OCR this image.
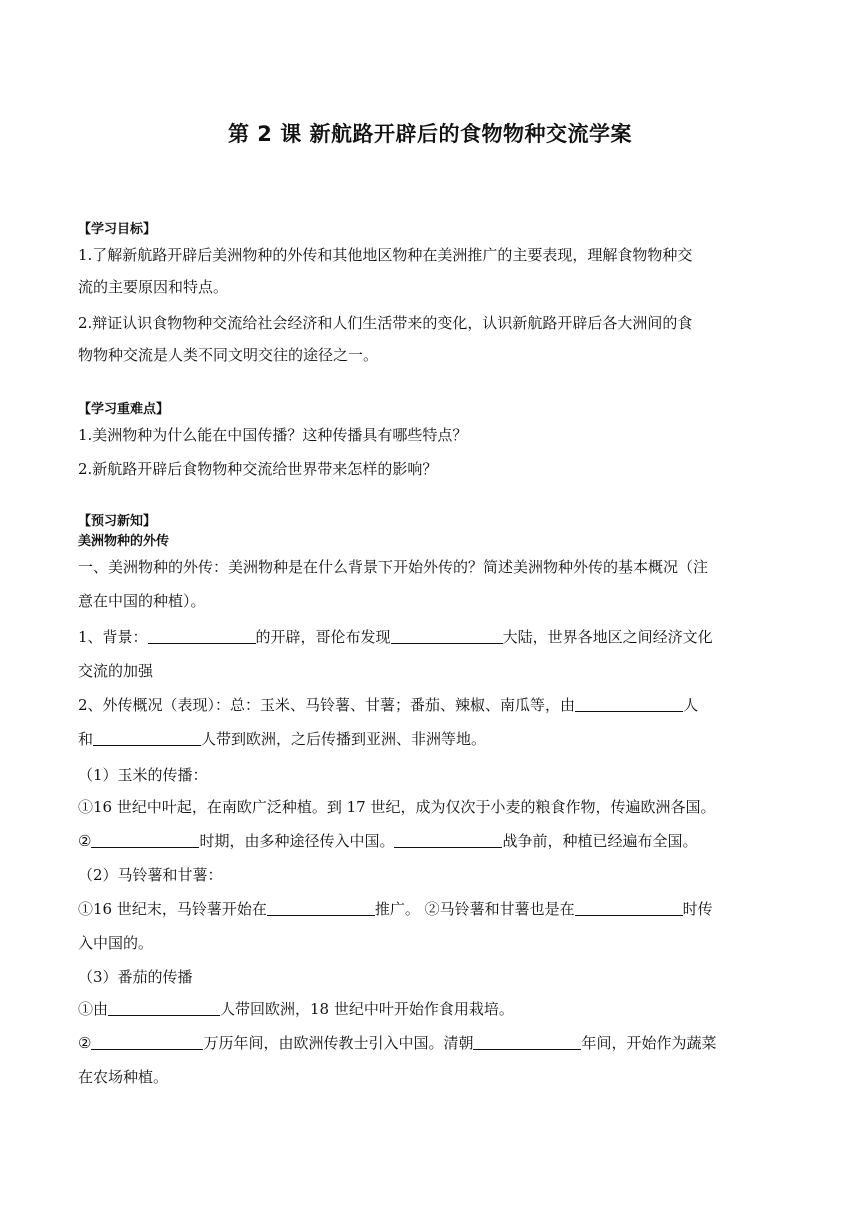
第 2 课 新航路开辟后的食物物种交流学案
【学习目标】
1.了解新航路开辟后美洲物种的外传和其他地区物种在美洲推广的主要表现，理解食物物种交
流的主要原因和特点。
2.辩证认识食物物种交流给社会经济和人们生活带来的变化，认识新航路开辟后各大洲间的食
物物种交流是人类不同文明交往的途径之一。
【学习重难点】
1.美洲物种为什么能在中国传播？这种传播具有哪些特点？
2.新航路开辟后食物物种交流给世界带来怎样的影响？
【预习新知】
美洲物种的外传
一、美洲物种的外传：美洲物种是在什么背景下开始外传的？简述美洲物种外传的基本概况（注
意在中国的种植）。
1、背景：	的开辟，哥伦布发现	大陆，世界各地区之间经济文化
交流的加强
2、外传概况（表现）：总：玉米、马铃薯、甘薯；番茄、辣椒、南瓜等，由	人
和	人带到欧洲，之后传播到亚洲、非洲等地。
（1）玉米的传播：
①16 世纪中叶起，在南欧广泛种植。到 17 世纪，成为仅次于小麦的粮食作物，传遍欧洲各国。
②	时期，由多种途径传入中国。	战争前，种植已经遍布全国。
（2）马铃薯和甘薯：
①16 世纪末，马铃薯开始在	推广。 ②马铃薯和甘薯也是在	时传
入中国的。
（3）番茄的传播
①由	人带回欧洲，18 世纪中叶开始作食用栽培。
②	万历年间，由欧洲传教士引入中国。清朝	年间，开始作为蔬菜
在农场种植。
